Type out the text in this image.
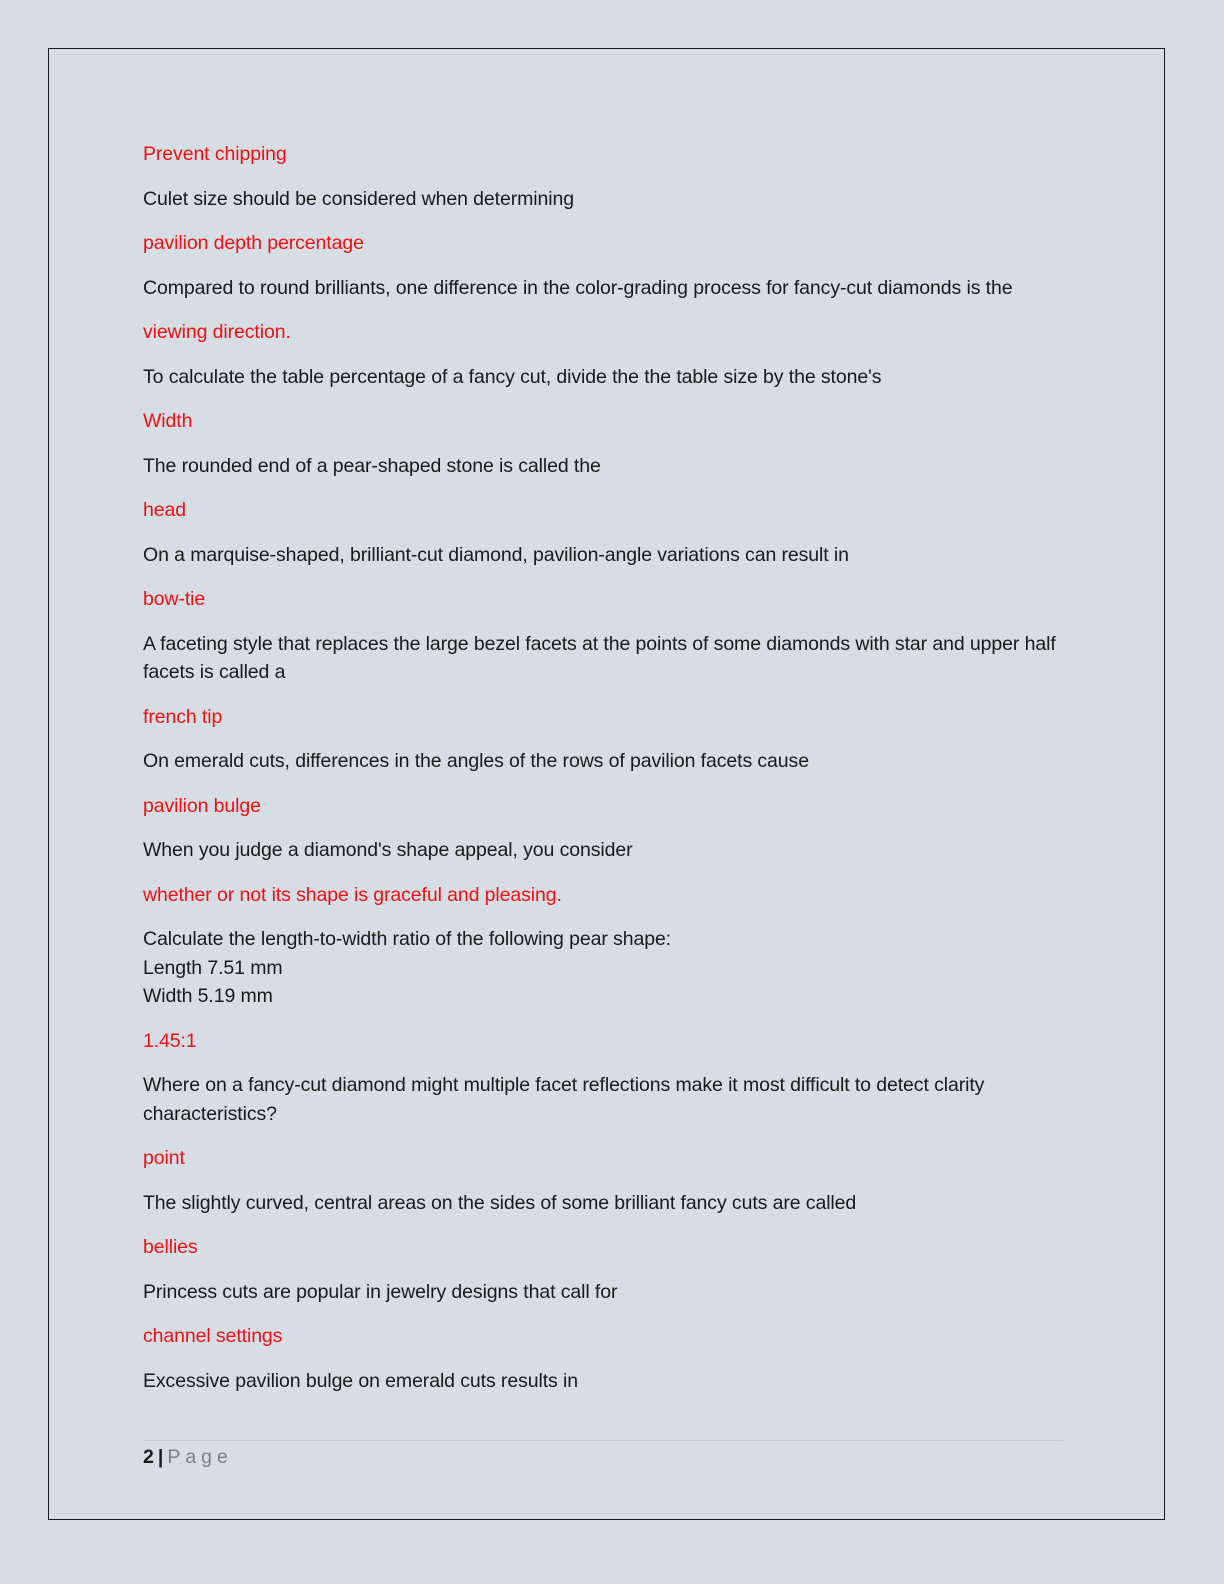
Prevent chipping

Culet size should be considered when determining

pavilion depth percentage

Compared to round brilliants, one difference in the color-grading process for fancy-cut diamonds is the

viewing direction.

To calculate the table percentage of a fancy cut, divide the the table size by the stone's

Width

The rounded end of a pear-shaped stone is called the

head

On a marquise-shaped, brilliant-cut diamond, pavilion-angle variations can result in

bow-tie

A faceting style that replaces the large bezel facets at the points of some diamonds with star and upper half facets is called a

french tip

On emerald cuts, differences in the angles of the rows of pavilion facets cause

pavilion bulge

When you judge a diamond's shape appeal, you consider

whether or not its shape is graceful and pleasing.

Calculate the length-to-width ratio of the following pear shape:
Length 7.51 mm
Width 5.19 mm

1.45:1

Where on a fancy-cut diamond might multiple facet reflections make it most difficult to detect clarity characteristics?

point

The slightly curved, central areas on the sides of some brilliant fancy cuts are called

bellies

Princess cuts are popular in jewelry designs that call for

channel settings

Excessive pavilion bulge on emerald cuts results in

2 | Page
